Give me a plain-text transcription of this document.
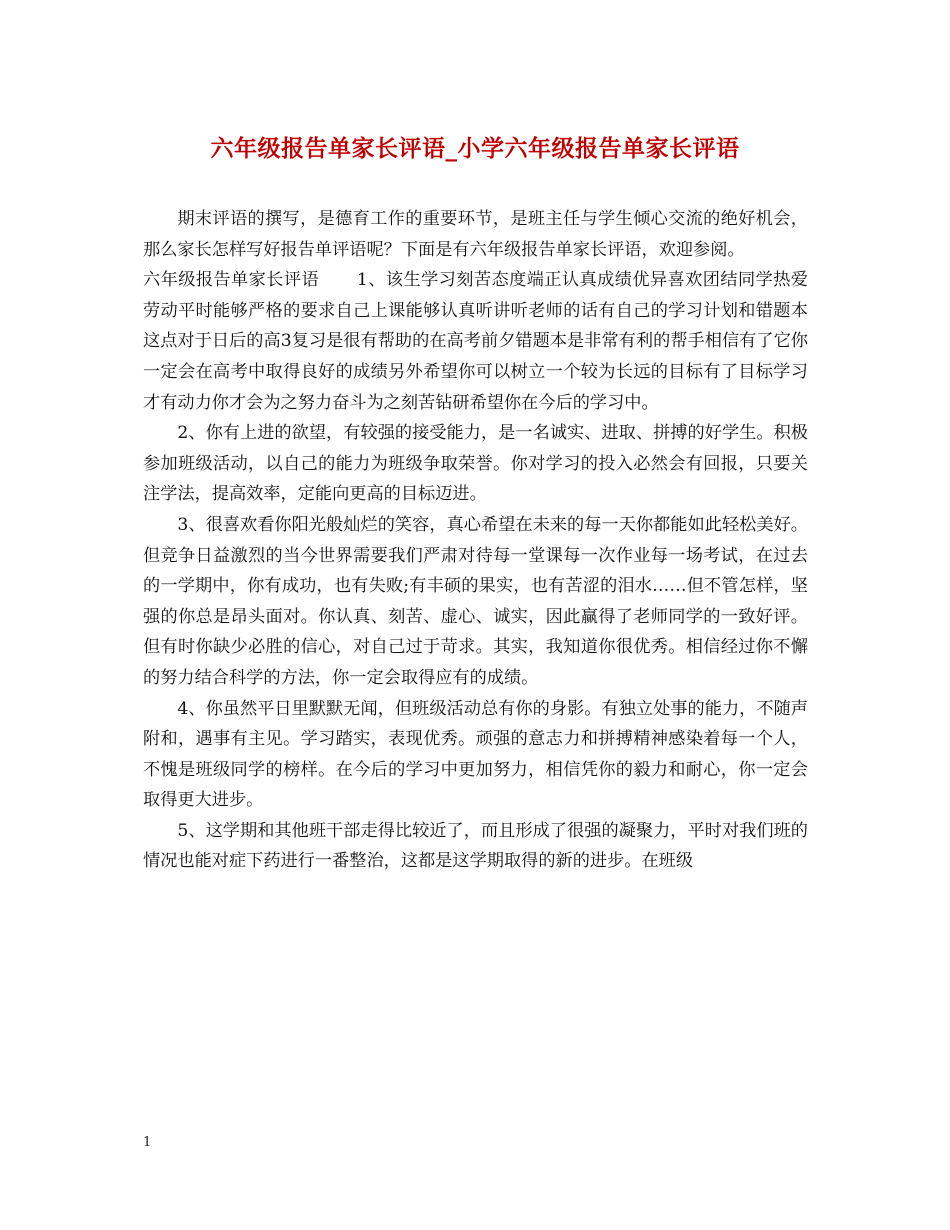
六年级报告单家长评语_小学六年级报告单家长评语

期末评语的撰写，是德育工作的重要环节，是班主任与学生倾心交流的绝好机会，那么家长怎样写好报告单评语呢？下面是有六年级报告单家长评语，欢迎参阅。

六年级报告单家长评语 1、该生学习刻苦态度端正认真成绩优异喜欢团结同学热爱劳动平时能够严格的要求自己上课能够认真听讲听老师的话有自己的学习计划和错题本这点对于日后的高3复习是很有帮助的在高考前夕错题本是非常有利的帮手相信有了它你一定会在高考中取得良好的成绩另外希望你可以树立一个较为长远的目标有了目标学习才有动力你才会为之努力奋斗为之刻苦钻研希望你在今后的学习中。

2、你有上进的欲望，有较强的接受能力，是一名诚实、进取、拼搏的好学生。积极参加班级活动，以自己的能力为班级争取荣誉。你对学习的投入必然会有回报，只要关注学法，提高效率，定能向更高的目标迈进。

3、很喜欢看你阳光般灿烂的笑容，真心希望在未来的每一天你都能如此轻松美好。但竞争日益激烈的当今世界需要我们严肃对待每一堂课每一次作业每一场考试，在过去的一学期中，你有成功，也有失败;有丰硕的果实，也有苦涩的泪水……但不管怎样，坚强的你总是昂头面对。你认真、刻苦、虚心、诚实，因此赢得了老师同学的一致好评。但有时你缺少必胜的信心，对自己过于苛求。其实，我知道你很优秀。相信经过你不懈的努力结合科学的方法，你一定会取得应有的成绩。

4、你虽然平日里默默无闻，但班级活动总有你的身影。有独立处事的能力，不随声附和，遇事有主见。学习踏实，表现优秀。顽强的意志力和拼搏精神感染着每一个人，不愧是班级同学的榜样。在今后的学习中更加努力，相信凭你的毅力和耐心，你一定会取得更大进步。

5、这学期和其他班干部走得比较近了，而且形成了很强的凝聚力，平时对我们班的情况也能对症下药进行一番整治，这都是这学期取得的新的进步。在班级

1
